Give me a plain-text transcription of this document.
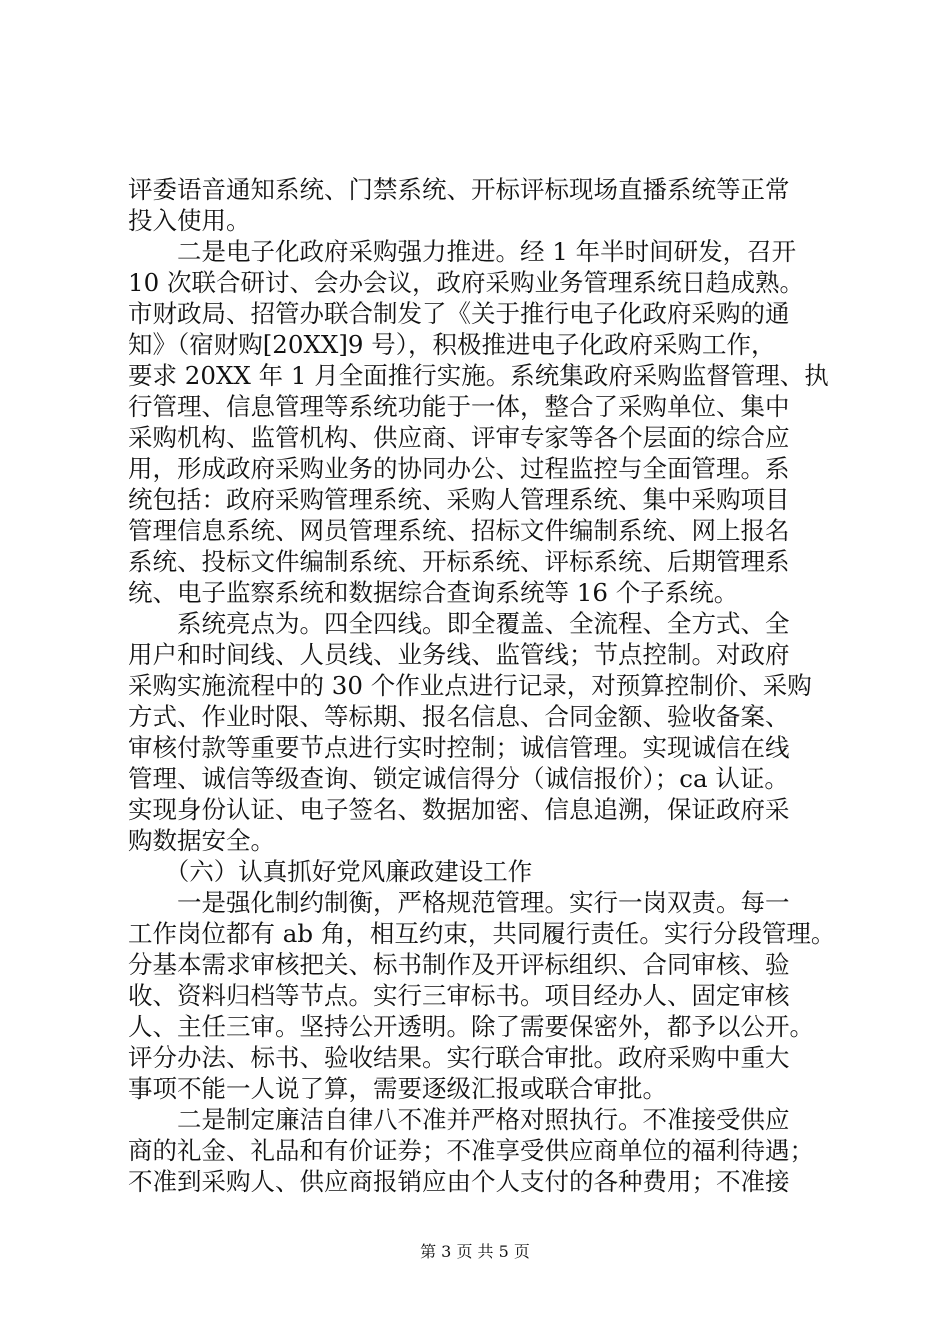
评委语音通知系统、门禁系统、开标评标现场直播系统等正常
投入使用。
　　二是电子化政府采购强力推进。经 1 年半时间研发，召开
10 次联合研讨、会办会议，政府采购业务管理系统日趋成熟。
市财政局、招管办联合制发了《关于推行电子化政府采购的通
知》（宿财购[20XX]9 号），积极推进电子化政府采购工作，
要求 20XX 年 1 月全面推行实施。系统集政府采购监督管理、执
行管理、信息管理等系统功能于一体，整合了采购单位、集中
采购机构、监管机构、供应商、评审专家等各个层面的综合应
用，形成政府采购业务的协同办公、过程监控与全面管理。系
统包括：政府采购管理系统、采购人管理系统、集中采购项目
管理信息系统、网员管理系统、招标文件编制系统、网上报名
系统、投标文件编制系统、开标系统、评标系统、后期管理系
统、电子监察系统和数据综合查询系统等 16 个子系统。
　　系统亮点为。四全四线。即全覆盖、全流程、全方式、全
用户和时间线、人员线、业务线、监管线；节点控制。对政府
采购实施流程中的 30 个作业点进行记录，对预算控制价、采购
方式、作业时限、等标期、报名信息、合同金额、验收备案、
审核付款等重要节点进行实时控制；诚信管理。实现诚信在线
管理、诚信等级查询、锁定诚信得分（诚信报价）；ca 认证。
实现身份认证、电子签名、数据加密、信息追溯，保证政府采
购数据安全。
　　（六）认真抓好党风廉政建设工作
　　一是强化制约制衡，严格规范管理。实行一岗双责。每一
工作岗位都有 ab 角，相互约束，共同履行责任。实行分段管理。
分基本需求审核把关、标书制作及开评标组织、合同审核、验
收、资料归档等节点。实行三审标书。项目经办人、固定审核
人、主任三审。坚持公开透明。除了需要保密外，都予以公开。
评分办法、标书、验收结果。实行联合审批。政府采购中重大
事项不能一人说了算，需要逐级汇报或联合审批。
　　二是制定廉洁自律八不准并严格对照执行。不准接受供应
商的礼金、礼品和有价证券；不准享受供应商单位的福利待遇；
不准到采购人、供应商报销应由个人支付的各种费用；不准接
第 3 页 共 5 页
